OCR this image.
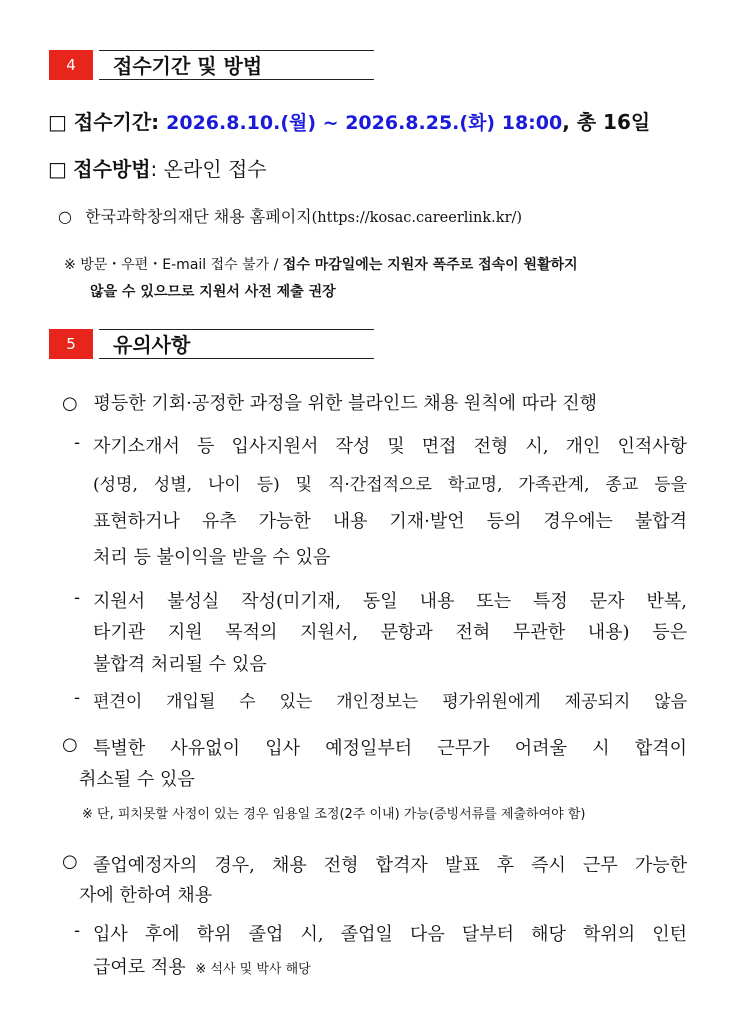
4	접수기간 및 방법
□ 접수기간: 2026.8.10.(월) ~ 2026.8.25.(화) 18:00, 총 16일
□ 접수방법: 온라인 접수
○ 한국과학창의재단 채용 홈페이지(https://kosac.careerlink.kr/)
※ 방문・우편・E-mail 접수 불가 / 접수 마감일에는 지원자 폭주로 접속이 원활하지
않을 수 있으므로 지원서 사전 제출 권장
5	유의사항
○ 평등한 기회·공정한 과정을 위한 블라인드 채용 원칙에 따라 진행
- 자기소개서 등 입사지원서 작성 및 면접 전형 시, 개인 인적사항
(성명, 성별, 나이 등) 및 직·간접적으로 학교명, 가족관계, 종교 등을
표현하거나 유추 가능한 내용 기재·발언 등의 경우에는 불합격
처리 등 불이익을 받을 수 있음
- 지원서 불성실 작성(미기재, 동일 내용 또는 특정 문자 반복,
타기관 지원 목적의 지원서, 문항과 전혀 무관한 내용) 등은
불합격 처리될 수 있음
- 편견이 개입될 수 있는 개인정보는 평가위원에게 제공되지 않음
○ 특별한 사유없이 입사 예정일부터 근무가 어려울 시 합격이
취소될 수 있음
※ 단, 피치못할 사정이 있는 경우 임용일 조정(2주 이내) 가능(증빙서류를 제출하여야 함)
○ 졸업예정자의 경우, 채용 전형 합격자 발표 후 즉시 근무 가능한
자에 한하여 채용
- 입사 후에 학위 졸업 시, 졸업일 다음 달부터 해당 학위의 인턴
급여로 적용 ※ 석사 및 박사 해당
